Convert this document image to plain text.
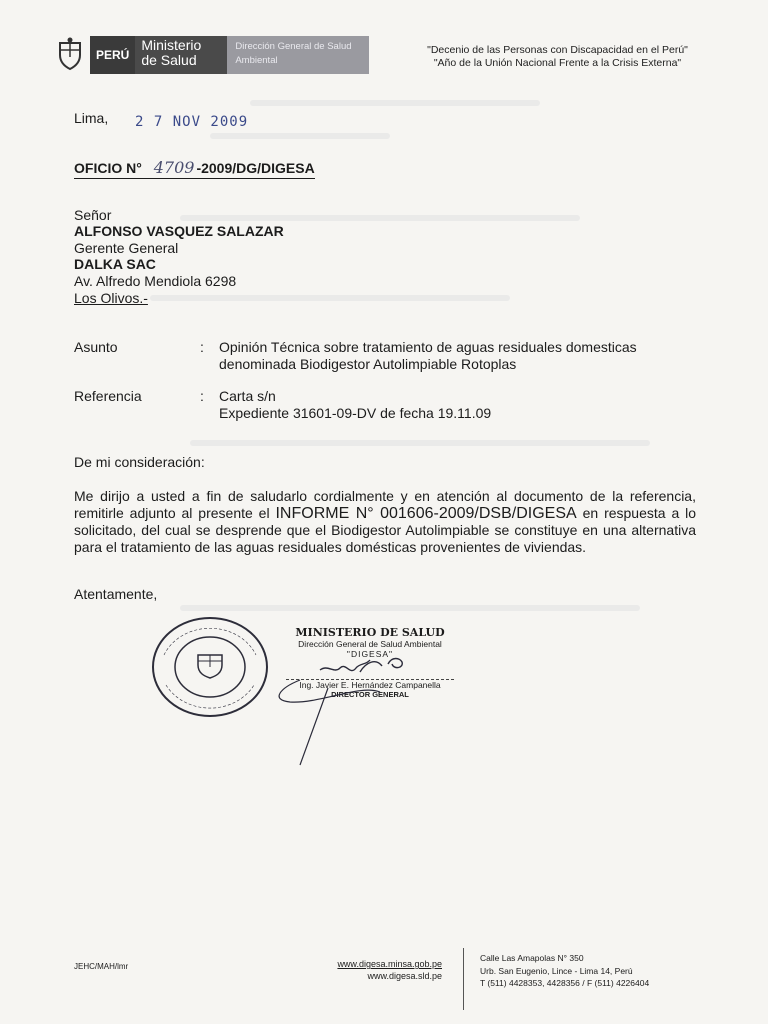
PERÚ
Ministerio de Salud
Dirección General de Salud Ambiental
"Decenio de las Personas con Discapacidad en el Perú"
"Año de la Unión Nacional Frente a la Crisis Externa"
Lima, 2 7 NOV 2009
OFICIO N° 4709 -2009/DG/DIGESA
Señor
ALFONSO VASQUEZ SALAZAR
Gerente General
DALKA SAC
Av. Alfredo Mendiola 6298
Los Olivos.-
Asunto	: Opinión Técnica sobre tratamiento de aguas residuales domesticas
denominada Biodigestor Autolimpiable Rotoplas
Referencia	: Carta s/n
Expediente 31601-09-DV de fecha 19.11.09
De mi consideración:
Me dirijo a usted a fin de saludarlo cordialmente y en atención al documento de la referencia, remitirle adjunto al presente el INFORME N° 001606-2009/DSB/DIGESA en respuesta a lo solicitado, del cual se desprende que el Biodigestor Autolimpiable se constituye en una alternativa para el tratamiento de las aguas residuales domésticas provenientes de viviendas.
Atentamente,
MINISTERIO DE SALUD
Dirección General de Salud Ambiental
"DIGESA"
Ing. Javier E. Hernández Campanella
DIRECTOR GENERAL
JEHC/MAH/lmr	www.digesa.minsa.gob.pe
www.digesa.sld.pe
Calle Las Amapolas N° 350
Urb. San Eugenio, Lince - Lima 14, Perú
T (511) 4428353, 4428356 / F (511) 4226404
